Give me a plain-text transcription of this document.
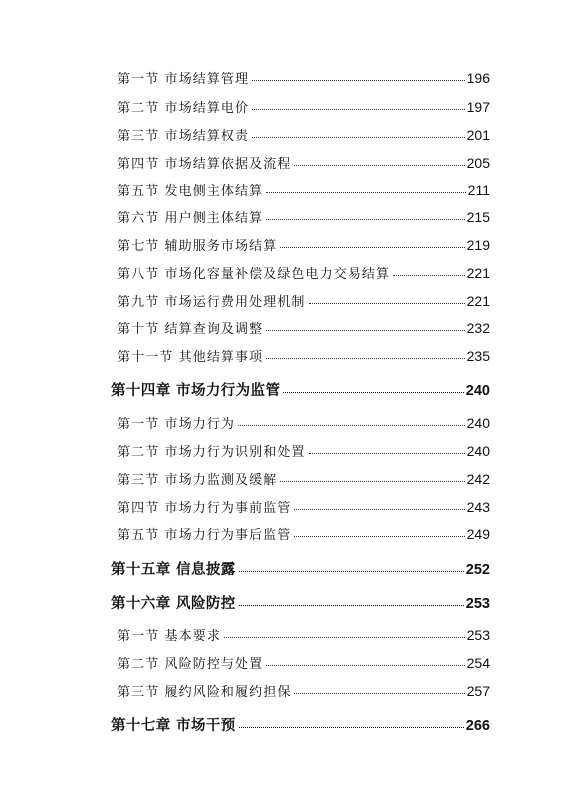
第一节 市场结算管理	196
第二节 市场结算电价	197
第三节 市场结算权责	201
第四节 市场结算依据及流程	205
第五节 发电侧主体结算	211
第六节 用户侧主体结算	215
第七节 辅助服务市场结算	219
第八节 市场化容量补偿及绿色电力交易结算	221
第九节 市场运行费用处理机制	221
第十节 结算查询及调整	232
第十一节 其他结算事项	235
第十四章 市场力行为监管	240
第一节 市场力行为	240
第二节 市场力行为识别和处置	240
第三节 市场力监测及缓解	242
第四节 市场力行为事前监管	243
第五节 市场力行为事后监管	249
第十五章 信息披露	252
第十六章 风险防控	253
第一节 基本要求	253
第二节 风险防控与处置	254
第三节 履约风险和履约担保	257
第十七章 市场干预	266
